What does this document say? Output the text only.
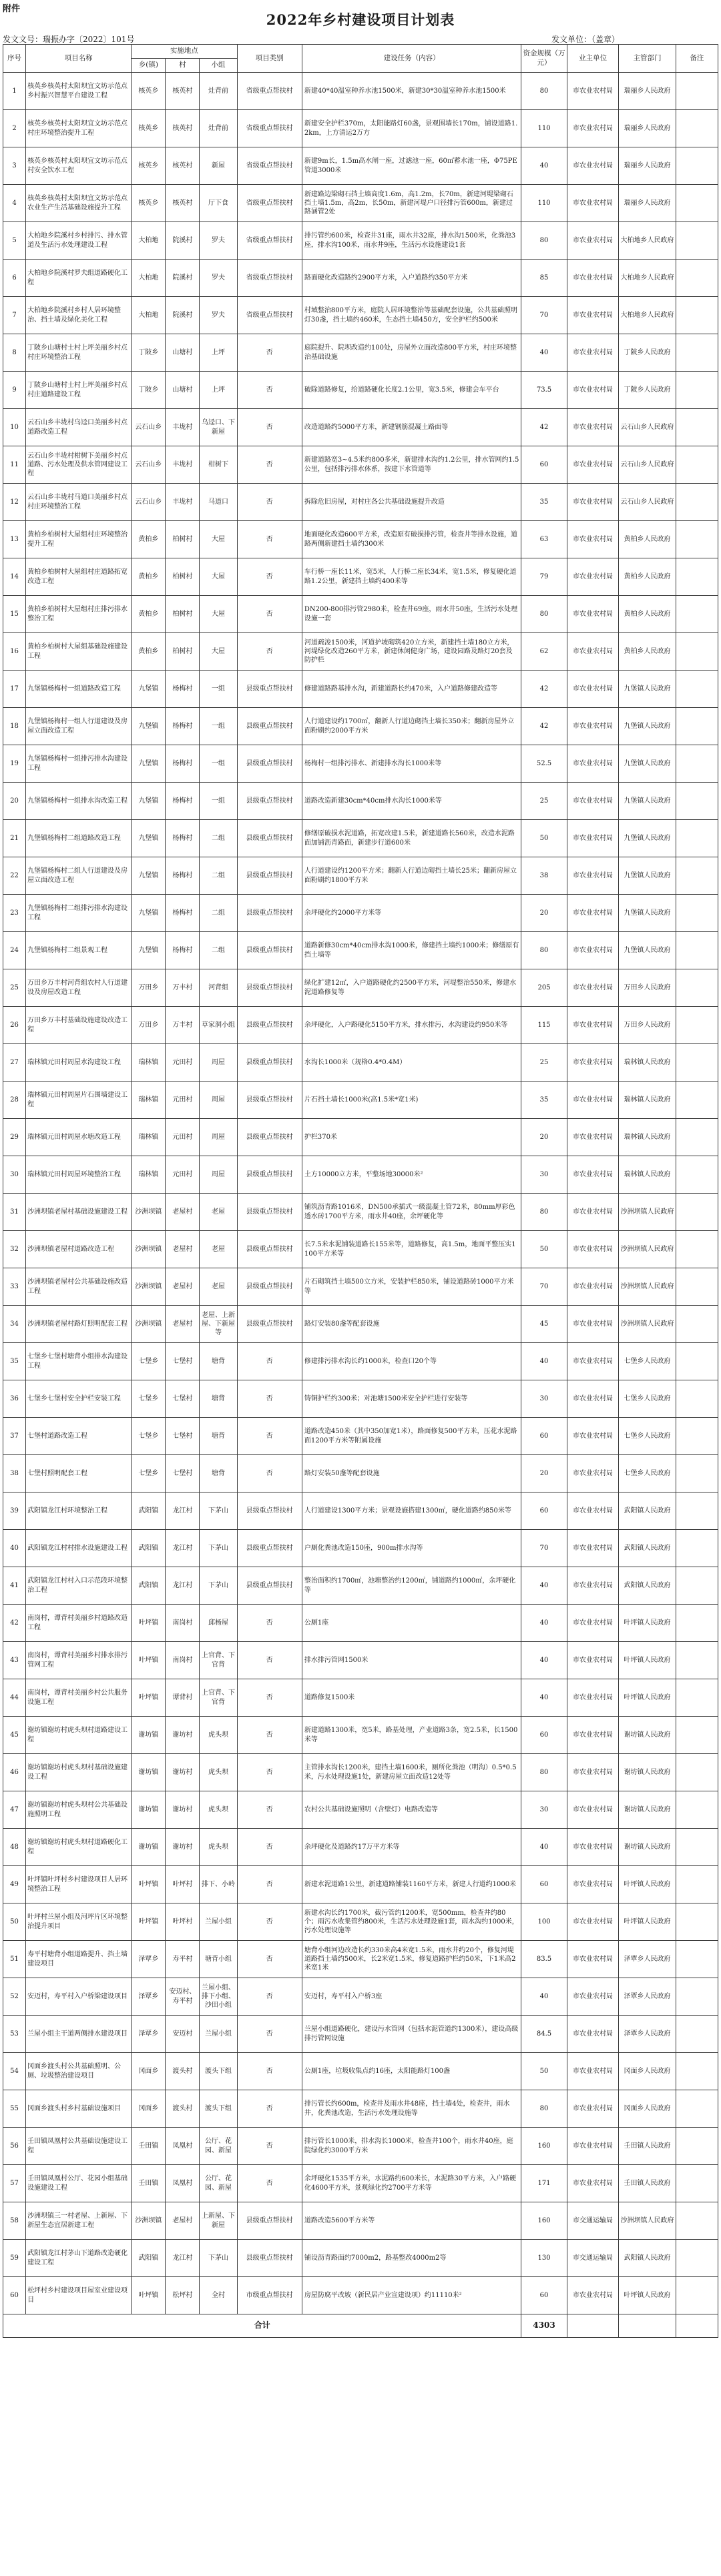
附件
2022年乡村建设项目计划表
发文文号：瑞振办字〔2022〕101号	发文单位：（盖章）
序号	项目名称	实施地点			项目类别	建设任务（内容）	资金规模（万元）	业主单位	主管部门	备注
		乡(镇)	村	小组						
1	核英乡核英村太阳坝宜文坊示范点乡村振兴智慧平台建设工程	核英乡	核英村	灶背前	省级重点帮扶村	新建40*40温室种养水池1500米，新建30*30温室种养水池1500米	80	市农业农村局	瑞丽乡人民政府	
2	核英乡核英村太阳坝宜文坊示范点村庄环境整治提升工程	核英乡	核英村	灶背前	省级重点帮扶村	新建安全护栏370m，太阳能路灯60盏，景观围墙长170m，铺设道路1.2km，上方清运2万方	110	市农业农村局	瑞丽乡人民政府	
3	核英乡核英村太阳坝宜文坊示范点村安全饮水工程	核英乡	核英村	新屋	省级重点帮扶村	新建9m长，1.5m高水闸一座，过滤池一座，60㎡蓄水池一座，Φ75PE管道3000米	40	市农业农村局	瑞丽乡人民政府	
4	核英乡核英村太阳坝宜文坊示范点农业生产生活基础设施提升工程	核英乡	核英村	厅下食	省级重点帮扶村	新建路边梁砌石挡土墙高度1.6m，高1.2m，长70m，新建河堤梁砌石挡土墙1.5m，高2m，长50m，新建河堤户口径排污管600m，新建过路涵管2处	110	市农业农村局	瑞丽乡人民政府	
5	大柏地乡院溪村乡村排污、排水管道及生活污水处理建设工程	大柏地	院溪村	罗夫	省级重点帮扶村	排污管约600米，检查井31座，雨水井32座，排水沟1500米，化粪池3座，排水沟100米，雨水井9座，生活污水设施建设1套	80	市农业农村局	大柏地乡人民政府	
6	大柏地乡院溪村罗夫组道路硬化工程	大柏地	院溪村	罗夫	省级重点帮扶村	路面硬化改造路约2900平方米，入户道路约350平方米	85	市农业农村局	大柏地乡人民政府	
7	大柏地乡院溪村乡村人居环境整治、挡土墙及绿化美化工程	大柏地	院溪村	罗夫	省级重点帮扶村	村域整治800平方米，庭院人居环境整治等基础配套设施，公共基础照明灯30盏，挡土墙约460米，生态挡土墙450方，安全护栏约500米	70	市农业农村局	大柏地乡人民政府	
8	丁陂乡山塘村士村上坪美丽乡村点村庄环境整治工程	丁陂乡	山塘村	上坪	否	庭院提升、院坝改造约100处，房屋外立面改造800平方米，村庄环境整治基础设施	40	市农业农村局	丁陂乡人民政府	
9	丁陂乡山塘村士村上坪美丽乡村点村庄道路建设工程	丁陂乡	山塘村	上坪	否	破除道路修复，给道路硬化长度2.1公里，宽3.5米，修建会车平台	73.5	市农业农村局	丁陂乡人民政府	
10	云石山乡丰垅村乌迳口美丽乡村点道路改造工程	云石山乡	丰垅村	乌迳口、下新屋	否	改造道路约5000平方米，新建钢筋混凝土路面等	42	市农业农村局	云石山乡人民政府	
11	云石山乡丰垅村柑树下美丽乡村点道路、污水处理及供水管网建设工程	云石山乡	丰垅村	柑树下	否	新建道路宽3~4.5米约800多米，新建排水沟约1.2公里，排水管网约1.5公里，包括排污排水体系，按建下水管道等	60	市农业农村局	云石山乡人民政府	
12	云石山乡丰垅村马道口美丽乡村点村庄环境整治工程	云石山乡	丰垅村	马道口	否	拆除危旧房屋，对村庄各公共基础设施提升改造	35	市农业农村局	云石山乡人民政府	
13	黄柏乡柏树村大屋组村庄环境整治提升工程	黄柏乡	柏树村	大屋	否	地面硬化改造600平方米，改造原有破损排污管，检查井等排水设施，道路两侧新建挡土墙约300米	63	市农业农村局	黄柏乡人民政府	
14	黄柏乡柏树村大屋组村庄道路拓宽改造工程	黄柏乡	柏树村	大屋	否	车行桥一座长11米，宽5米，人行桥二座长34米，宽1.5米，修复硬化道路1.2公里，新建挡土墙约400米等	79	市农业农村局	黄柏乡人民政府	
15	黄柏乡柏树村大屋组村庄排污排水整治工程	黄柏乡	柏树村	大屋	否	DN200-800排污管2980米，检查井69座，雨水井50座，生活污水处理设施一套	80	市农业农村局	黄柏乡人民政府	
16	黄柏乡柏树村大屋组基础设施建设工程	黄柏乡	柏树村	大屋	否	河道疏浚1500米，河道护坡砌筑420立方米，新建挡土墙180立方米，河堤绿化改造260平方米，新建休闲健身广场，建设园路及路灯20套及防护栏	62	市农业农村局	黄柏乡人民政府	
17	九堡镇杨梅村一组道路改造工程	九堡镇	杨梅村	一组	县级重点帮扶村	修建道路路基排水沟，新建道路长约470米，入户道路修建改造等	42	市农业农村局	九堡镇人民政府	
18	九堡镇杨梅村一组人行道建设及房屋立面改造工程	九堡镇	杨梅村	一组	县级重点帮扶村	人行道建设约1700㎡，翻新人行道边砌挡土墙长350米；翻新房屋外立面粉刷约2000平方米	42	市农业农村局	九堡镇人民政府	
19	九堡镇杨梅村一组排污排水沟建设工程	九堡镇	杨梅村	一组	县级重点帮扶村	杨梅村一组排污排水、新建排水沟长1000米等	52.5	市农业农村局	九堡镇人民政府	
20	九堡镇杨梅村一组排水沟改造工程	九堡镇	杨梅村	一组	县级重点帮扶村	道路改造新建30cm*40cm排水沟长1000米等	25	市农业农村局	九堡镇人民政府	
21	九堡镇杨梅村二组道路改造工程	九堡镇	杨梅村	二组	县级重点帮扶村	修缮原破损水泥道路，拓宽改建1.5米，新建道路长560米，改造水泥路面加铺沥青路面，新建步行道600米	50	市农业农村局	九堡镇人民政府	
22	九堡镇杨梅村二组人行道建设及房屋立面改造工程	九堡镇	杨梅村	二组	县级重点帮扶村	人行道建设约1200平方米；翻新人行道边砌挡土墙长25米；翻新房屋立面粉刷约1800平方米	38	市农业农村局	九堡镇人民政府	
23	九堡镇杨梅村二组排污排水沟建设工程	九堡镇	杨梅村	二组	县级重点帮扶村	余坪硬化约2000平方米等	20	市农业农村局	九堡镇人民政府	
24	九堡镇杨梅村二组景观工程	九堡镇	杨梅村	二组	县级重点帮扶村	道路新修30cm*40cm排水沟1000米，修建挡土墙约1000米；修缮原有挡土墙等	80	市农业农村局	九堡镇人民政府	
25	万田乡万丰村河背组农村人行道建设及房屋改造工程	万田乡	万丰村	河背组	县级重点帮扶村	绿化扩建12㎡，入户道路硬化约2500平方米，河堤整治550米，修建水泥道路修复等	205	市农业农村局	万田乡人民政府	
26	万田乡万丰村基础设施建设改造工程	万田乡	万丰村	草家洞小组	县级重点帮扶村	余坪硬化，入户路硬化5150平方米，排水排污，水沟建设约950米等	115	市农业农村局	万田乡人民政府	
27	瑞林镇元田村周屋水沟建设工程	瑞林镇	元田村	周屋	县级重点帮扶村	水沟长1000米（规格0.4*0.4M）	25	市农业农村局	瑞林镇人民政府	
28	瑞林镇元田村周屋片石围墙建设工程	瑞林镇	元田村	周屋	县级重点帮扶村	片石挡土墙长1000米(高1.5米*宽1米)	35	市农业农村局	瑞林镇人民政府	
29	瑞林镇元田村周屋水塘改造工程	瑞林镇	元田村	周屋	县级重点帮扶村	护栏370米	20	市农业农村局	瑞林镇人民政府	
30	瑞林镇元田村周屋环境整治工程	瑞林镇	元田村	周屋	县级重点帮扶村	土方10000立方米，平整场地30000米²	30	市农业农村局	瑞林镇人民政府	
31	沙洲坝镇老屋村基础设施建设工程	沙洲坝镇	老屋村	老屋	县级重点帮扶村	铺筑沥青路1016米，DN500承插式一级混凝土管72米，80mm厚彩色透水砖1700平方米，雨水井40座，余坪硬化等	80	市农业农村局	沙洲坝镇人民政府	
32	沙洲坝镇老屋村道路改造工程	沙洲坝镇	老屋村	老屋	县级重点帮扶村	长7.5米水泥铺装道路长155米等，道路修复，高1.5m，地面平整压实1100平方米等	50	市农业农村局	沙洲坝镇人民政府	
33	沙洲坝镇老屋村公共基础设施改造工程	沙洲坝镇	老屋村	老屋	县级重点帮扶村	片石砌筑挡土墙500立方米，安装护栏850米，铺设道路砖1000平方米等	70	市农业农村局	沙洲坝镇人民政府	
34	沙洲坝镇老屋村路灯照明配套工程	沙洲坝镇	老屋村	老屋、上新屋、下新屋等	县级重点帮扶村	路灯安装80盏等配套设施	45	市农业农村局	沙洲坝镇人民政府	
35	七堡乡七堡村塘背小组排水沟建设工程	七堡乡	七堡村	塘背	否	修建排污排水沟长约1000米，检查口20个等	40	市农业农村局	七堡乡人民政府	
36	七堡乡七堡村安全护栏安装工程	七堡乡	七堡村	塘背	否	铸铜护栏约300米；对池塘1500米安全护栏进行安装等	30	市农业农村局	七堡乡人民政府	
37	七堡村道路改造工程	七堡乡	七堡村	塘背	否	道路改造450米（其中350加宽1米），路面修复500平方米，压花水泥路面1200平方米等附属设施	60	市农业农村局	七堡乡人民政府	
38	七堡村照明配套工程	七堡乡	七堡村	塘背	否	路灯安装50盏等配套设施	20	市农业农村局	七堡乡人民政府	
39	武阳镇龙江村环境整治工程	武阳镇	龙江村	下茅山	县级重点帮扶村	人行道建设1300平方米；景观设施搭建1300㎡，硬化道路约850米等	60	市农业农村局	武阳镇人民政府	
40	武阳镇龙江村村排水设施建设工程	武阳镇	龙江村	下茅山	县级重点帮扶村	户厕化粪池改造150座，900m排水沟等	70	市农业农村局	武阳镇人民政府	
41	武阳镇龙江村村入口示范段环境整治工程	武阳镇	龙江村	下茅山	县级重点帮扶村	整治面积约1700㎡，池塘整治约1200㎡，铺道路约1000㎡，余坪硬化等	40	市农业农村局	武阳镇人民政府	
42	南岗村，谭背村美丽乡村道路改造工程	叶坪镇	南岗村	邱杨屋	否	公厕1座	40	市农业农村局	叶坪镇人民政府	
43	南岗村，谭背村美丽乡村排水排污管网工程	叶坪镇	南岗村	上官背、下官背	否	排水排污管网1500米	40	市农业农村局	叶坪镇人民政府	
44	南岗村，谭背村美丽乡村公共服务设施工程	叶坪镇	谭背村	上官背、下官背	否	道路修复1500米	40	市农业农村局	叶坪镇人民政府	
45	谢坊镇谢坊村虎头坝村道路建设工程	谢坊镇	谢坊村	虎头坝	否	新建道路1300米，宽5米，路基处理，产业道路3条，宽2.5米，长1500米等	60	市农业农村局	谢坊镇人民政府	
46	谢坊镇谢坊村虎头坝村基础设施建设工程	谢坊镇	谢坊村	虎头坝	否	主管排水沟长1200米，建挡土墙1600米，厕所化粪池（明沟）0.5*0.5米，污水处理设施1处，新建房屋立面改造12处等	80	市农业农村局	谢坊镇人民政府	
47	谢坊镇谢坊村虎头坝村公共基础设施照明工程	谢坊镇	谢坊村	虎头坝	否	农村公共基础设施照明（含壁灯）电路改造等	30	市农业农村局	谢坊镇人民政府	
48	谢坊镇谢坊村虎头坝村道路硬化工程	谢坊镇	谢坊村	虎头坝	否	余坪硬化及道路约17万平方米等	40	市农业农村局	谢坊镇人民政府	
49	叶坪镇叶坪村乡村建设项目人居环境整治工程	叶坪镇	叶坪村	排下、小岭	否	新建水泥道路1公里，新建道路铺装1160平方米，新建人行道约1000米	60	市农业农村局	叶坪镇人民政府	
50	叶坪村兰屋小组及河坪片区环境整治提升项目	叶坪镇	叶坪村	兰屋小组	否	新建水沟长约1700米，截污管约1200米，宽500mm，检查井约80个；雨污水收集管约800米，生活污水处理设施1套，雨水沟约1000米，污水处理设施等	100	市农业农村局	叶坪镇人民政府	
51	寿平村塘背小组道路提升、挡土墙建设项目	泽覃乡	寿平村	塘背小组	否	塘背小组河边改造长约330米高4米宽1.5米，雨水井约20个，修复河堤道路挡土墙约500米，长2米宽1.5米，修复道路护栏约50米，下1米高2米宽1米	83.5	市农业农村局	泽覃乡人民政府	
52	安迈村，寿平村入户桥梁建设项目	泽覃乡	安迈村、寿平村	兰屋小组、排下小组、沙田小组	否	安迈村，寿平村入户桥3座	40	市农业农村局	泽覃乡人民政府	
53	兰屋小组主干道两侧排水建设项目	泽覃乡	安迈村	兰屋小组	否	兰屋小组道路硬化，建设污水管网（包括水泥管道约1300米），建设高级排污管网设施	84.5	市农业农村局	泽覃乡人民政府	
54	冈面乡渡头村公共基础照明、公厕、垃圾整治建设项目	冈面乡	渡头村	渡头下组	否	公厕1座，垃圾收集点约16座，太阳能路灯100盏	50	市农业农村局	冈面乡人民政府	
55	冈面乡渡头村乡村基础设施项目	冈面乡	渡头村	渡头下组	否	排污管长约600m，检查井及雨水井48座，挡土墙4处，检查井，雨水井，化粪池改造，生活污水处理设施等	80	市农业农村局	冈面乡人民政府	
56	壬田镇凤凰村公共基础设施建设工程	壬田镇	凤凰村	公厅、花园、新屋	否	排污管长1000米，排水沟长1000米，检查井100个，雨水井40座，庭院绿化约3000平方米	160	市农业农村局	壬田镇人民政府	
57	壬田镇凤凰村公厅、花园小组基础设施建设工程	壬田镇	凤凰村	公厅、花园、新屋	否	余坪硬化1535平方米，水泥路约600米长，水泥路30平方米，入户路硬化4600平方米，景观绿化约2700平方米等	171	市农业农村局	壬田镇人民政府	
58	沙洲坝镇三一村老屋、上新屋、下新屋生态宜居新建工程	沙洲坝镇	老屋村	上新屋、下新屋	县级重点帮扶村	道路改造5600平方米等	160	市交通运输局	沙洲坝镇人民政府	
59	武阳镇龙江村茅山下道路改造硬化建设工程	武阳镇	龙江村	下茅山	县级重点帮扶村	铺设沥青路面约7000m2，路基整改4000m2等	130	市交通运输局	武阳镇人民政府	
60	松坪村乡村建设项目屋室业建设项目	叶坪镇	松坪村	全村	市级重点帮扶村	房屋防腐平改坡（新民居产业宣建设项）约11110米²	60	市农业农村局	叶坪镇人民政府	
合计							4303			
